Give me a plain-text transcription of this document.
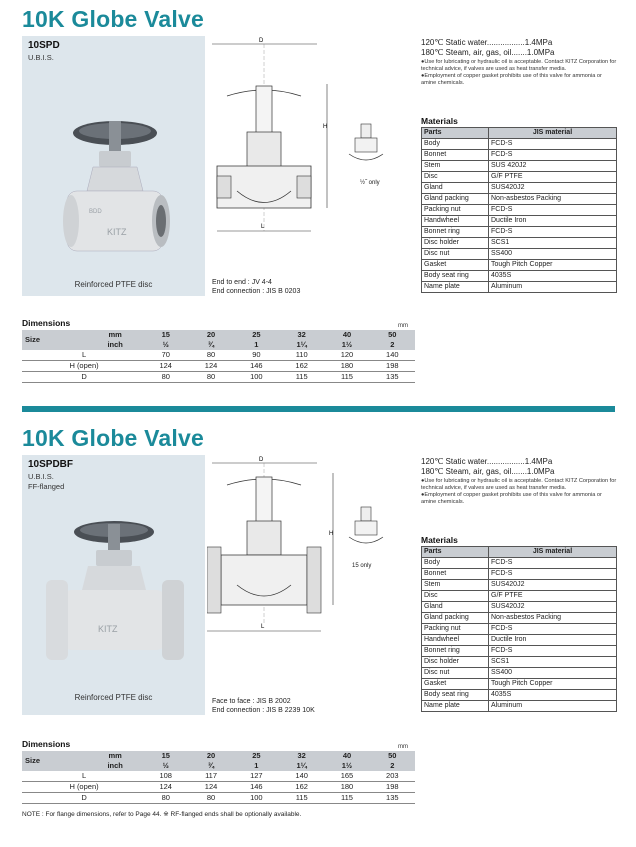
10K Globe Valve
10SPD
U.B.I.S.
KITZ
BDD
Reinforced PTFE disc
D
H
L
½˝ only
End to end : JV 4-4
End connection : JIS B 0203
120℃ Static water.................1.4MPa
180℃ Steam, air, gas, oil.......1.0MPa
●Use for lubricating or hydraulic oil is acceptable. Contact KITZ Corporation for technical advice, if valves are used as heat transfer media.
●Employment of copper gasket prohibits use of this valve for ammonia or amine chemicals.
Materials
Parts	JIS material
Body	FCD-S
Bonnet	FCD-S
Stem	SUS 420J2
Disc	G/F PTFE
Gland	SUS420J2
Gland packing	Non-asbestos Packing
Packing nut	FCD-S
Handwheel	Ductile Iron
Bonnet ring	FCD-S
Disc holder	SCS1
Disc nut	SS400
Gasket	Tough Pitch Copper
Body seat ring	4035S
Name plate	Aluminum
Dimensions	mm
Size	mm	15	20	25	32	40	50	
	inch	½	¾	1	1¼	1½	2	
L		70	80	90	110	120	140	
H (open)		124	124	146	162	180	198	
D		80	80	100	115	115	135	
10K Globe Valve
10SPDBF
U.B.I.S.
FF-flanged
KITZ
Reinforced PTFE disc
D
H
L
15 only
Face to face : JIS B 2002
End connection : JIS B 2239 10K
120℃ Static water.................1.4MPa
180℃ Steam, air, gas, oil.......1.0MPa
●Use for lubricating or hydraulic oil is acceptable. Contact KITZ Corporation for technical advice, if valves are used as heat transfer media.
●Employment of copper gasket prohibits use of this valve for ammonia or amine chemicals.
Materials
Parts	JIS material
Body	FCD-S
Bonnet	FCD-S
Stem	SUS420J2
Disc	G/F PTFE
Gland	SUS420J2
Gland packing	Non-asbestos Packing
Packing nut	FCD-S
Handwheel	Ductile Iron
Bonnet ring	FCD-S
Disc holder	SCS1
Disc nut	SS400
Gasket	Tough Pitch Copper
Body seat ring	4035S
Name plate	Aluminum
Dimensions	mm
Size	mm	15	20	25	32	40	50	
	inch	½	¾	1	1¼	1½	2	
L		108	117	127	140	165	203	
H (open)		124	124	146	162	180	198	
D		80	80	100	115	115	135	
NOTE : For flange dimensions, refer to Page 44. ※ RF-flanged ends shall be optionally available.
